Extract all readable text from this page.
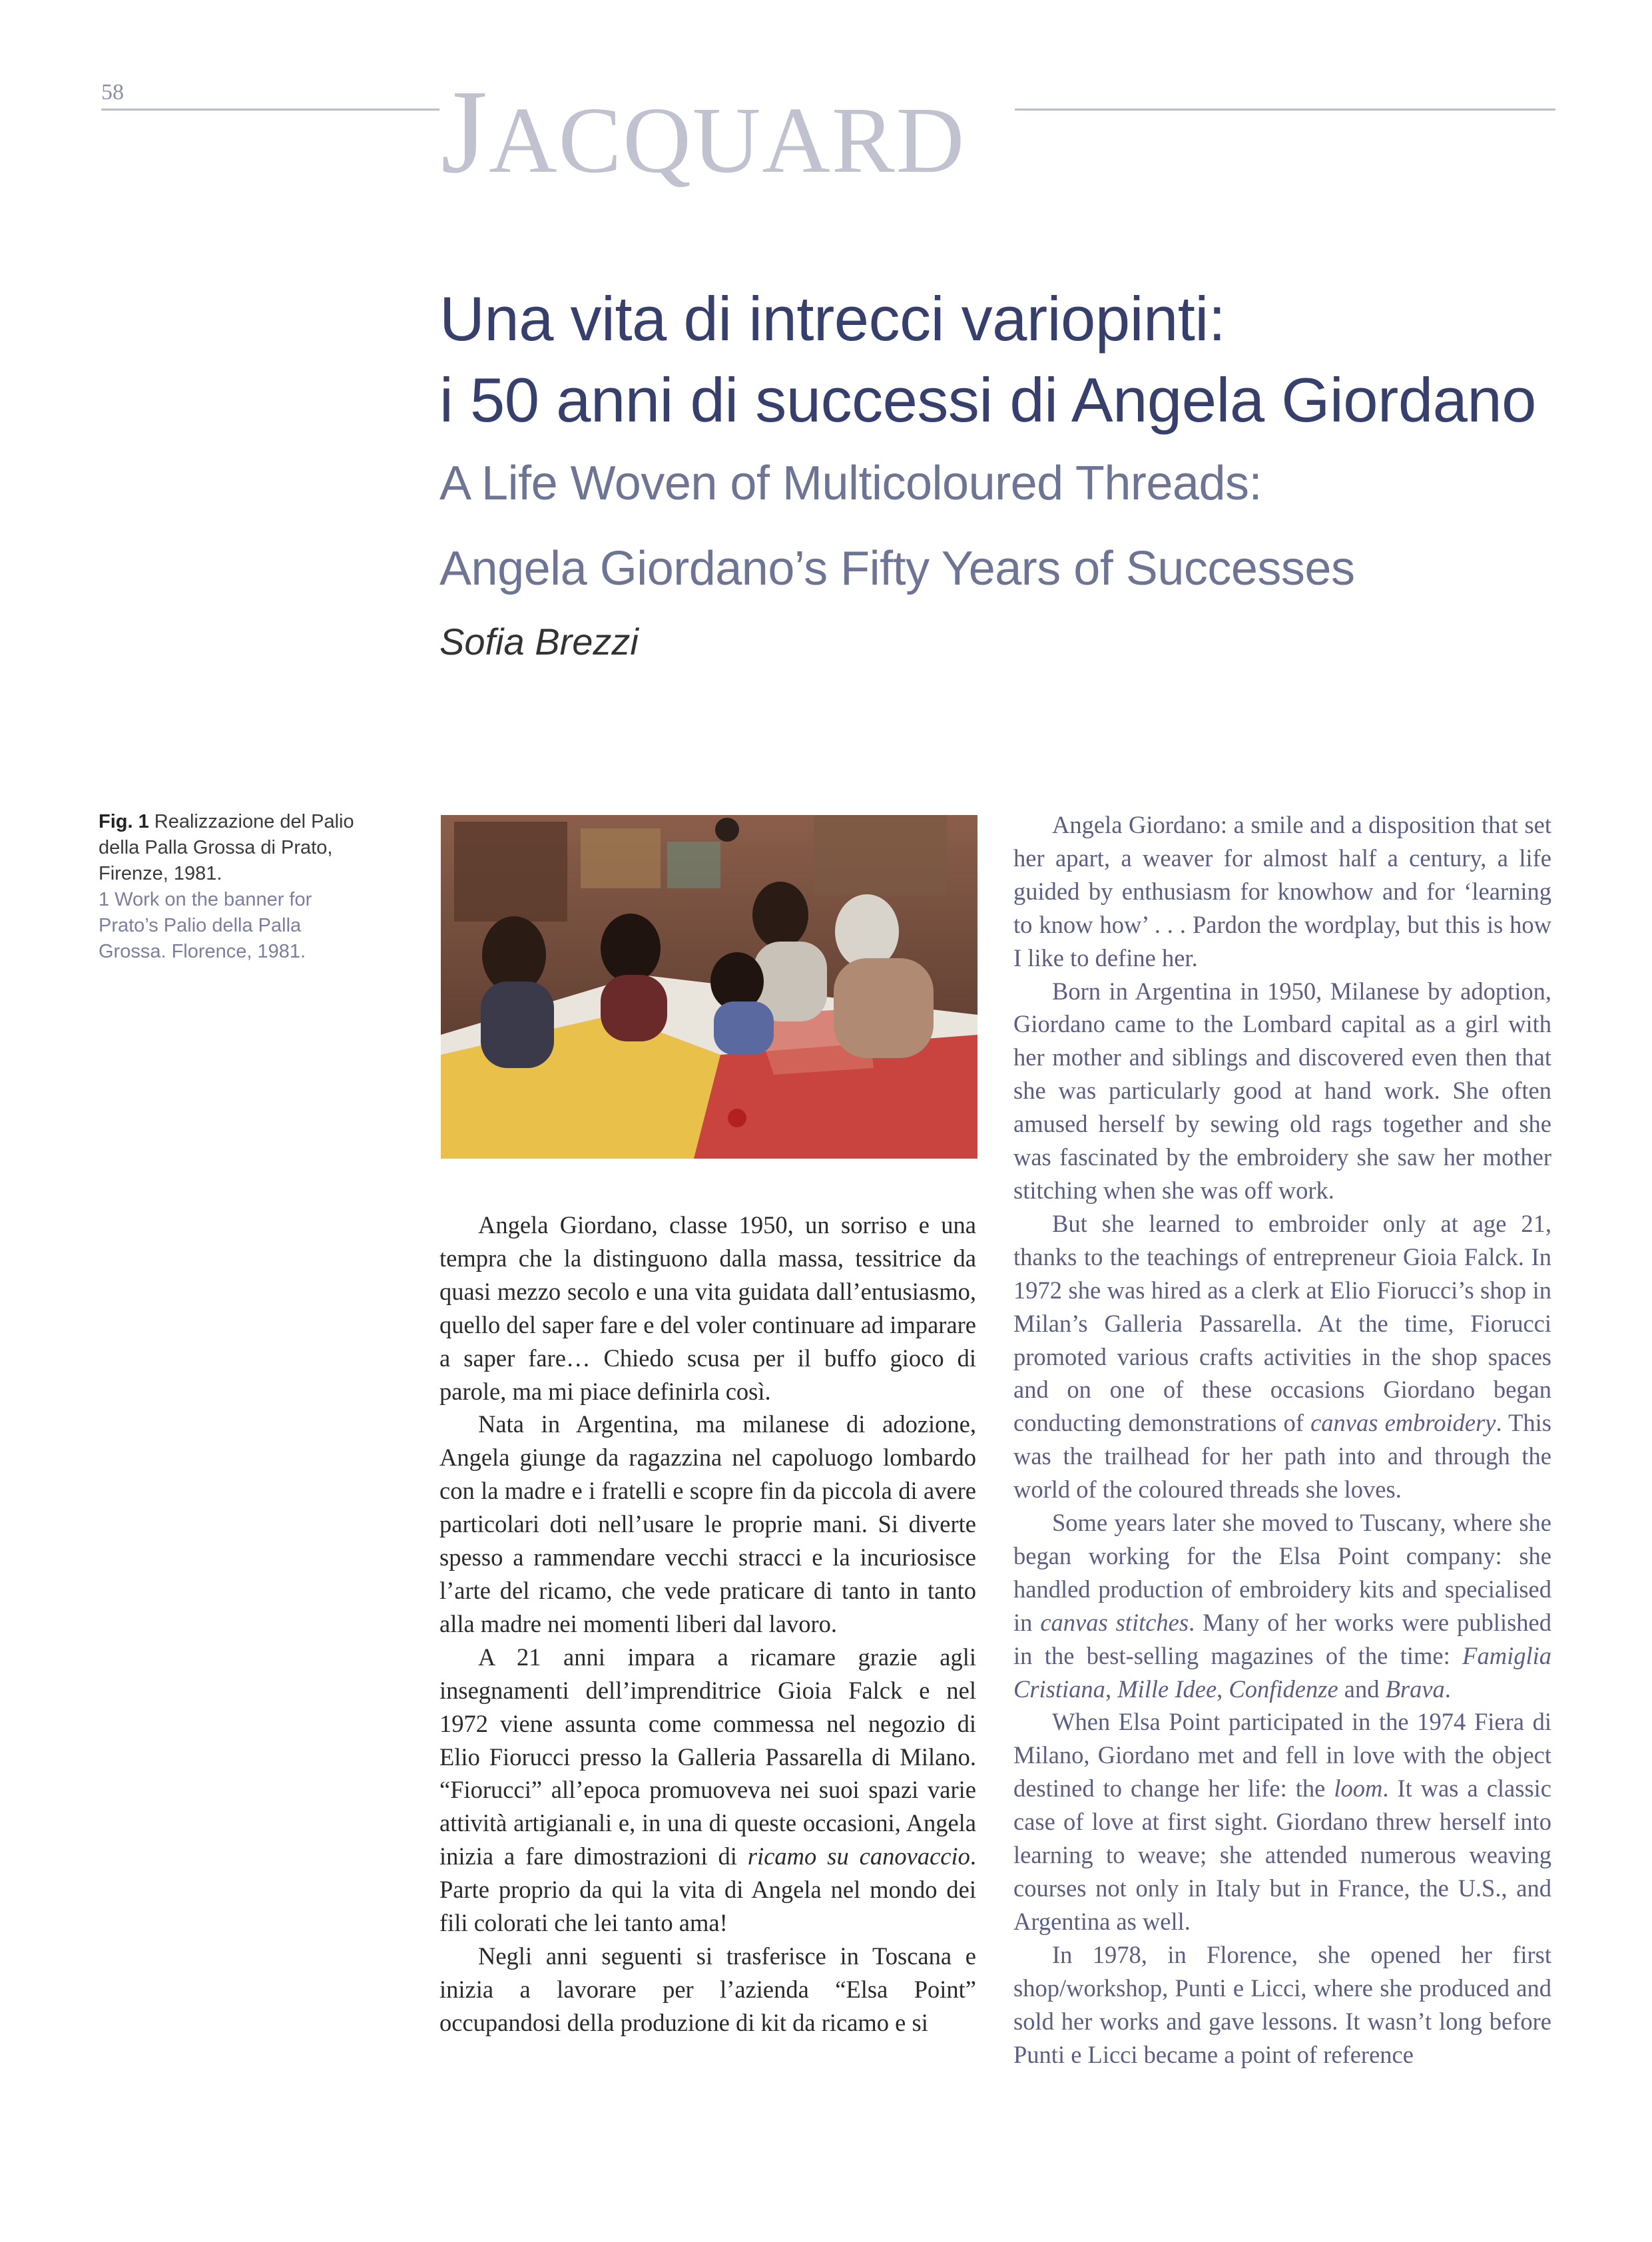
58	JACQUARD
Una vita di intrecci variopinti:
i 50 anni di successi di Angela Giordano
A Life Woven of Multicoloured Threads:
Angela Giordano’s Fifty Years of Successes
Sofia Brezzi
Fig. 1 Realizzazione del Palio della Palla Grossa di Prato, Firenze, 1981.
1 Work on the banner for Prato’s Palio della Palla Grossa. Florence, 1981.

Angela Giordano, classe 1950, un sorriso e una tempra che la distinguono dalla massa, tessitrice da quasi mezzo secolo e una vita guidata dall’entusiasmo, quello del saper fare e del voler continuare ad imparare a saper fare… Chiedo scusa per il buffo gioco di parole, ma mi piace definirla così.

Nata in Argentina, ma milanese di adozione, Angela giunge da ragazzina nel capoluogo lombardo con la madre e i fratelli e scopre fin da piccola di avere particolari doti nell’usare le proprie mani. Si diverte spesso a rammendare vecchi stracci e la incuriosisce l’arte del ricamo, che vede praticare di tanto in tanto alla madre nei momenti liberi dal lavoro.

A 21 anni impara a ricamare grazie agli insegnamenti dell’imprenditrice Gioia Falck e nel 1972 viene assunta come commessa nel negozio di Elio Fiorucci presso la Galleria Passarella di Milano. “Fiorucci” all’epoca promuoveva nei suoi spazi varie attività artigianali e, in una di queste occasioni, Angela inizia a fare dimostrazioni di ricamo su canovaccio. Parte proprio da qui la vita di Angela nel mondo dei fili colorati che lei tanto ama!

Negli anni seguenti si trasferisce in Toscana e inizia a lavorare per l’azienda “Elsa Point” occupandosi della produzione di kit da ricamo e si

Angela Giordano: a smile and a disposition that set her apart, a weaver for almost half a century, a life guided by enthusiasm for knowhow and for ‘learning to know how’ . . . Pardon the wordplay, but this is how I like to define her.

Born in Argentina in 1950, Milanese by adoption, Giordano came to the Lombard capital as a girl with her mother and siblings and discovered even then that she was particularly good at hand work. She often amused herself by sewing old rags together and she was fascinated by the embroidery she saw her mother stitching when she was off work.

But she learned to embroider only at age 21, thanks to the teachings of entrepreneur Gioia Falck. In 1972 she was hired as a clerk at Elio Fiorucci’s shop in Milan’s Galleria Passarella. At the time, Fiorucci promoted various crafts activities in the shop spaces and on one of these occasions Giordano began conducting demonstrations of canvas embroidery. This was the trailhead for her path into and through the world of the coloured threads she loves.

Some years later she moved to Tuscany, where she began working for the Elsa Point company: she handled production of embroidery kits and specialised in canvas stitches. Many of her works were published in the best-selling magazines of the time: Famiglia Cristiana, Mille Idee, Confidenze and Brava.

When Elsa Point participated in the 1974 Fiera di Milano, Giordano met and fell in love with the object destined to change her life: the loom. It was a classic case of love at first sight. Giordano threw herself into learning to weave; she attended numerous weaving courses not only in Italy but in France, the U.S., and Argentina as well.

In 1978, in Florence, she opened her first shop/workshop, Punti e Licci, where she produced and sold her works and gave lessons. It wasn’t long before Punti e Licci became a point of reference
